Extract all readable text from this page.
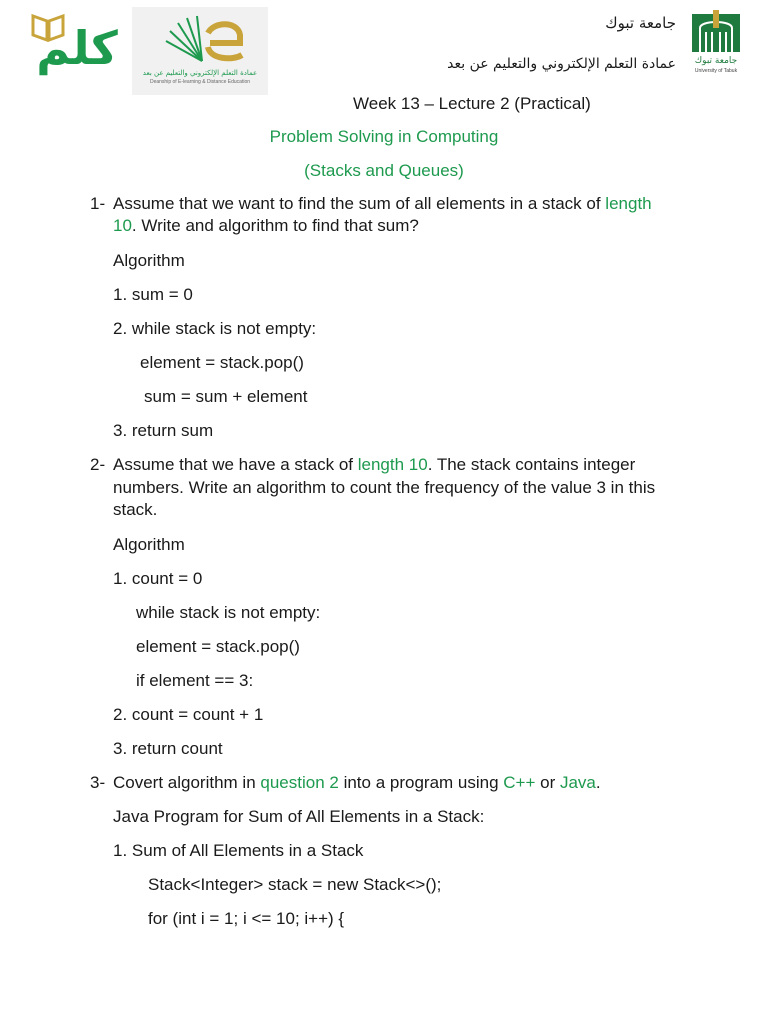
كلم	عمادة التعلم الإلكتروني والتعليم عن بعد
Deanship of E-learning & Distance Education
جامعة تبوك
عمادة التعلم الإلكتروني والتعليم عن بعد	جامعة تبوك
University of Tabuk
Week 13 – Lecture 2 (Practical)
Problem Solving in Computing
(Stacks and Queues)
1- Assume that we want to find the sum of all elements in a stack of length
10. Write and algorithm to find that sum?
Algorithm
1. sum = 0
2. while stack is not empty:
element = stack.pop()
sum = sum + element
3. return sum
2- Assume that we have a stack of length 10. The stack contains integer
numbers. Write an algorithm to count the frequency of the value 3 in this
stack.
Algorithm
1. count = 0
while stack is not empty:
element = stack.pop()
if element == 3:
2. count = count + 1
3. return count
3- Covert algorithm in question 2 into a program using C++ or Java.
Java Program for Sum of All Elements in a Stack:
1. Sum of All Elements in a Stack
Stack<Integer> stack = new Stack<>();
for (int i = 1; i <= 10; i++) {
